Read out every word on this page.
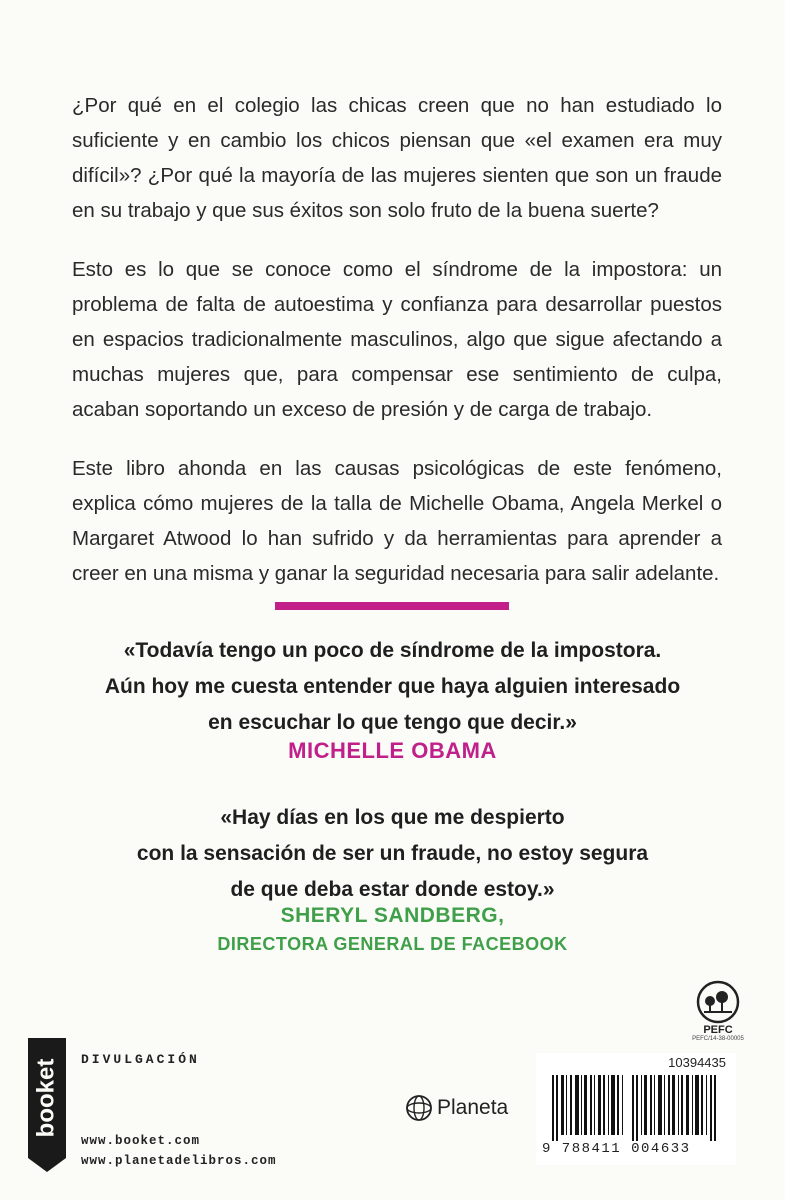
¿Por qué en el colegio las chicas creen que no han estudiado lo suficiente y en cambio los chicos piensan que «el examen era muy difícil»? ¿Por qué la mayoría de las mujeres sienten que son un fraude en su trabajo y que sus éxitos son solo fruto de la buena suerte?

Esto es lo que se conoce como el síndrome de la impostora: un problema de falta de autoestima y confianza para desarrollar puestos en espacios tradicionalmente masculinos, algo que sigue afectando a muchas mujeres que, para compensar ese sentimiento de culpa, acaban soportando un exceso de presión y de carga de trabajo.

Este libro ahonda en las causas psicológicas de este fenómeno, explica cómo mujeres de la talla de Michelle Obama, Angela Merkel o Margaret Atwood lo han sufrido y da herramientas para aprender a creer en una misma y ganar la seguridad necesaria para salir adelante.

«Todavía tengo un poco de síndrome de la impostora.
Aún hoy me cuesta entender que haya alguien interesado
en escuchar lo que tengo que decir.»
MICHELLE OBAMA
«Hay días en los que me despierto
con la sensación de ser un fraude, no estoy segura
de que deba estar donde estoy.»
SHERYL SANDBERG,
DIRECTORA GENERAL DE FACEBOOK
PEFC
PEFC/14-38-00005
booket DIVULGACIÓN
www.booket.com
www.planetadelibros.com
Planeta
10394435
9 788411 004633
